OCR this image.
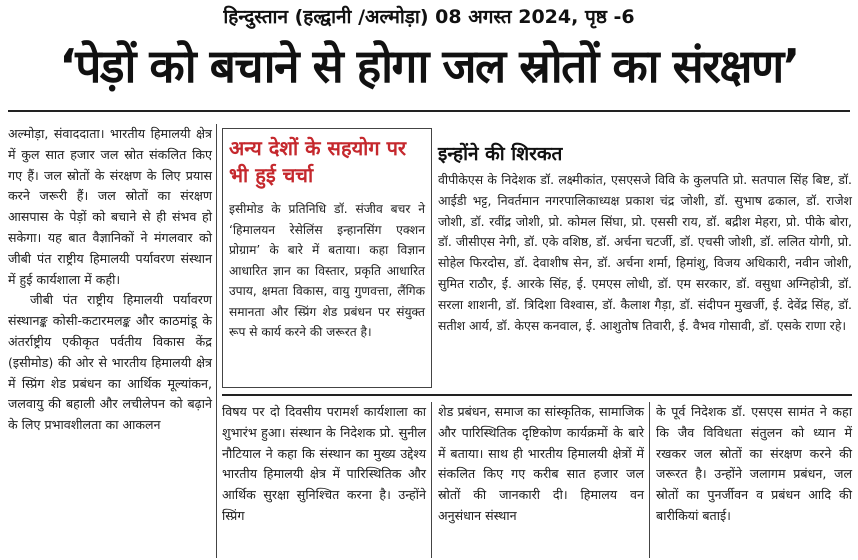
हिन्दुस्तान (हल्द्वानी /अल्मोड़ा) 08 अगस्त 2024, पृष्ठ -6
‘पेड़ों को बचाने से होगा जल स्रोतों का संरक्षण’

अल्मोड़ा, संवाददाता। भारतीय हिमालयी क्षेत्र में कुल सात हजार जल स्रोत संकलित किए गए हैं। जल स्रोतों के संरक्षण के लिए प्रयास करने जरूरी हैं। जल स्रोतों का संरक्षण आसपास के पेड़ों को बचाने से ही संभव हो सकेगा। यह बात वैज्ञानिकों ने मंगलवार को जीबी पंत राष्ट्रीय हिमालयी पर्यावरण संस्थान में हुई कार्यशाला में कही।

जीबी पंत राष्ट्रीय हिमालयी पर्यावरण संस्थानङ्क कोसी-कटारमलङ्क और काठमांडू के अंतर्राष्ट्रीय एकीकृत पर्वतीय विकास केंद्र (इसीमोड) की ओर से भारतीय हिमालयी क्षेत्र में स्प्रिंग शेड प्रबंधन का आर्थिक मूल्यांकन, जलवायु की बहाली और लचीलेपन को बढ़ाने के लिए प्रभावशीलता का आकलन

अन्य देशों के सहयोग पर भी हुई चर्चा
इसीमोड के प्रतिनिधि डॉ. संजीव बचर ने ‘हिमालयन रेसेलिंस इन्हानसिंग एक्शन प्रोग्राम’ के बारे में बताया। कहा विज्ञान आधारित ज्ञान का विस्तार, प्रकृति आधारित उपाय, क्षमता विकास, वायु गुणवत्ता, लैंगिक समानता और स्प्रिंग शेड प्रबंधन पर संयुक्त रूप से कार्य करने की जरूरत है।
इन्होंने की शिरकत
वीपीकेएस के निदेशक डॉ. लक्ष्मीकांत, एसएसजे विवि के कुलपति प्रो. सतपाल सिंह बिष्ट, डॉ. आईडी भट्ट, निवर्तमान नगरपालिकाध्यक्ष प्रकाश चंद्र जोशी, डॉ. सुभाष ढकाल, डॉ. राजेश जोशी, डॉ. रवींद्र जोशी, प्रो. कोमल सिंघा, प्रो. एससी राय, डॉ. बद्रीश मेहरा, प्रो. पीके बोरा, डॉ. जीसीएस नेगी, डॉ. एके वशिष्ठ, डॉ. अर्चना चटर्जी, डॉ. एचसी जोशी, डॉ. ललित योगी, प्रो. सोहेल फिरदोस, डॉ. देवाशीष सेन, डॉ. अर्चना शर्मा, हिमांशु, विजय अधिकारी, नवीन जोशी, सुमित राठौर, ई. आरके सिंह, ई. एमएस लोधी, डॉ. एम सरकार, डॉ. वसुधा अग्निहोत्री, डॉ. सरला शाशनी, डॉ. त्रिदिशा विश्वास, डॉ. कैलाश गैड़ा, डॉ. संदीपन मुखर्जी, ई. देवेंद्र सिंह, डॉ. सतीश आर्य, डॉ. केएस कनवाल, ई. आशुतोष तिवारी, ई. वैभव गोसावी, डॉ. एसके राणा रहे।

विषय पर दो दिवसीय परामर्श कार्यशाला का शुभारंभ हुआ। संस्थान के निदेशक प्रो. सुनील नौटियाल ने कहा कि संस्थान का मुख्य उद्देश्य भारतीय हिमालयी क्षेत्र में पारिस्थितिक और आर्थिक सुरक्षा सुनिश्चित करना है। उन्होंने स्प्रिंग

शेड प्रबंधन, समाज का सांस्कृतिक, सामाजिक और पारिस्थितिक दृष्टिकोण कार्यक्रमों के बारे में बताया। साथ ही भारतीय हिमालयी क्षेत्रों में संकलित किए गए करीब सात हजार जल स्रोतों की जानकारी दी। हिमालय वन अनुसंधान संस्थान

के पूर्व निदेशक डॉ. एसएस सामंत ने कहा कि जैव विविधता संतुलन को ध्यान में रखकर जल स्रोतों का संरक्षण करने की जरूरत है। उन्होंने जलागम प्रबंधन, जल स्रोतों का पुनर्जीवन व प्रबंधन आदि की बारीकियां बताई।
